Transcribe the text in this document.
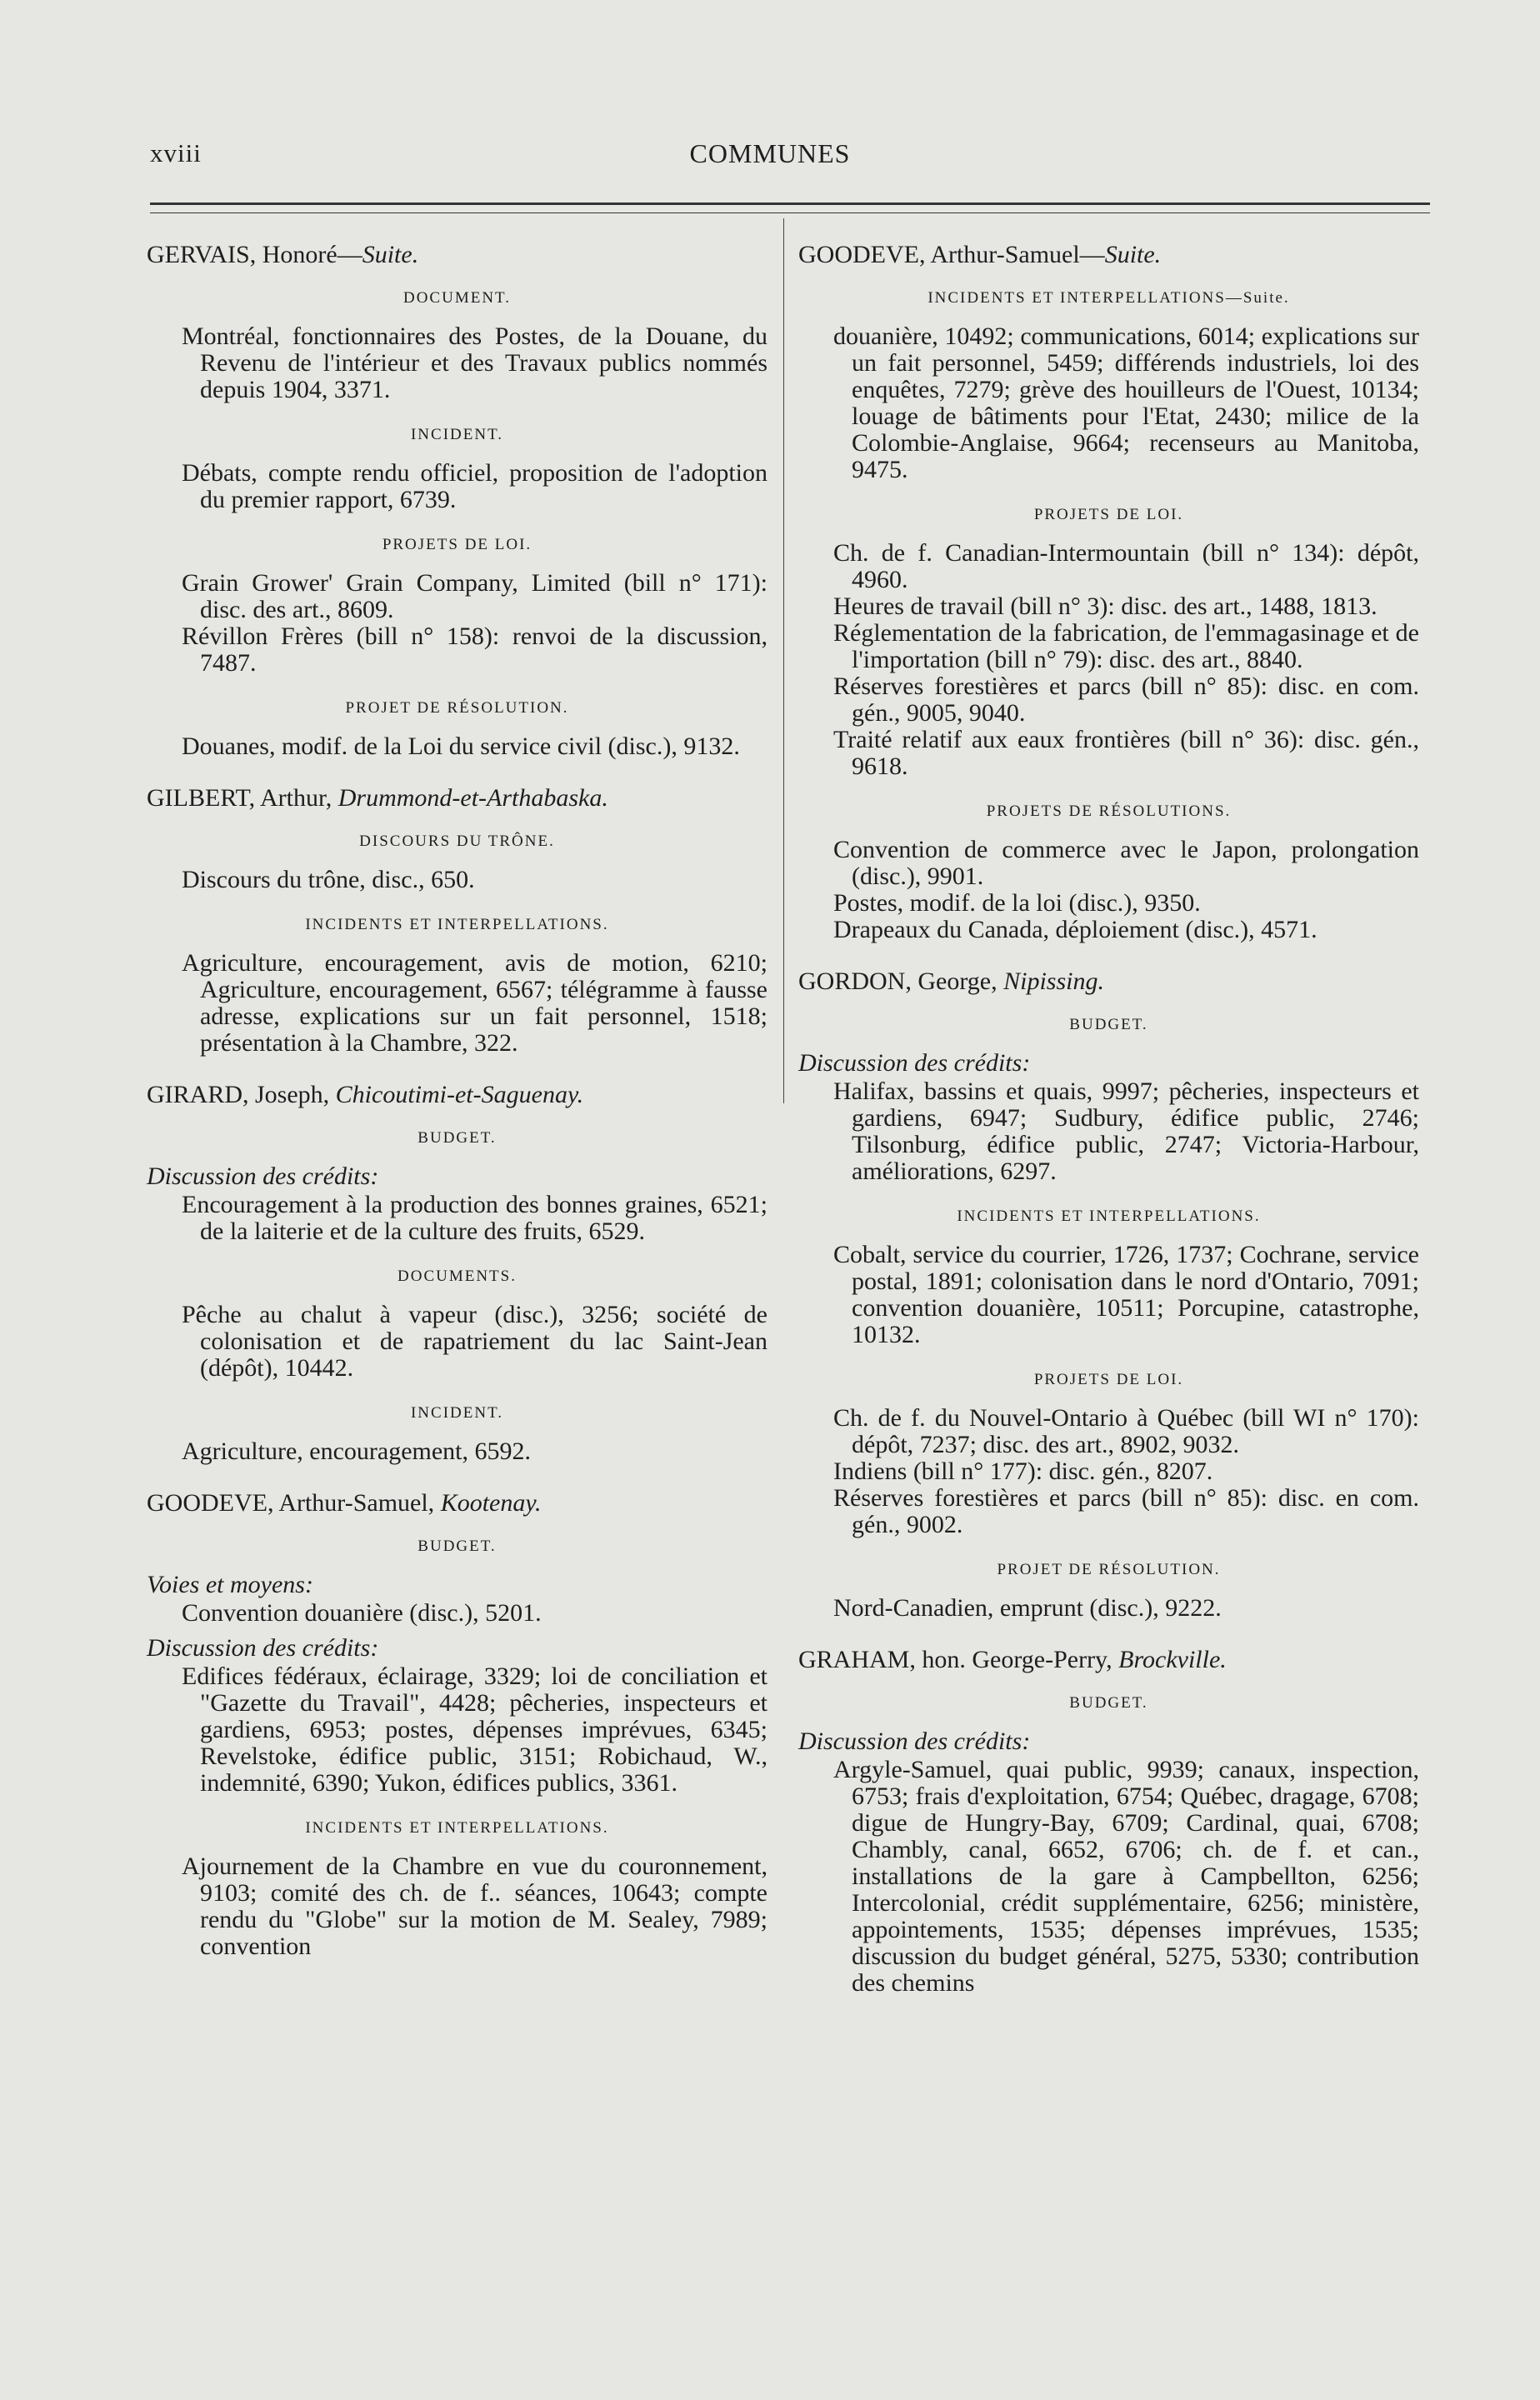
xviii	COMMUNES

GERVAIS, Honoré—Suite.

DOCUMENT.

Montréal, fonctionnaires des Postes, de la Douane, du Revenu de l'intérieur et des Travaux publics nommés depuis 1904, 3371.

INCIDENT.

Débats, compte rendu officiel, proposition de l'adoption du premier rapport, 6739.

PROJETS DE LOI.

Grain Grower' Grain Company, Limited (bill n° 171): disc. des art., 8609.

Révillon Frères (bill n° 158): renvoi de la discussion, 7487.

PROJET DE RÉSOLUTION.

Douanes, modif. de la Loi du service civil (disc.), 9132.

GILBERT, Arthur, Drummond-et-Arthabaska.

DISCOURS DU TRÔNE.

Discours du trône, disc., 650.

INCIDENTS ET INTERPELLATIONS.

Agriculture, encouragement, avis de motion, 6210; Agriculture, encouragement, 6567; télégramme à fausse adresse, explications sur un fait personnel, 1518; présentation à la Chambre, 322.

GIRARD, Joseph, Chicoutimi-et-Saguenay.

BUDGET.

Discussion des crédits:

Encouragement à la production des bonnes graines, 6521; de la laiterie et de la culture des fruits, 6529.

DOCUMENTS.

Pêche au chalut à vapeur (disc.), 3256; société de colonisation et de rapatriement du lac Saint-Jean (dépôt), 10442.

INCIDENT.

Agriculture, encouragement, 6592.

GOODEVE, Arthur-Samuel, Kootenay.

BUDGET.

Voies et moyens:

Convention douanière (disc.), 5201.

Discussion des crédits:

Edifices fédéraux, éclairage, 3329; loi de conciliation et "Gazette du Travail", 4428; pêcheries, inspecteurs et gardiens, 6953; postes, dépenses imprévues, 6345; Revelstoke, édifice public, 3151; Robichaud, W., indemnité, 6390; Yukon, édifices publics, 3361.

INCIDENTS ET INTERPELLATIONS.

Ajournement de la Chambre en vue du couronnement, 9103; comité des ch. de f.. séances, 10643; compte rendu du "Globe" sur la motion de M. Sealey, 7989; convention

GOODEVE, Arthur-Samuel—Suite.

INCIDENTS ET INTERPELLATIONS—Suite.

douanière, 10492; communications, 6014; explications sur un fait personnel, 5459; différends industriels, loi des enquêtes, 7279; grève des houilleurs de l'Ouest, 10134; louage de bâtiments pour l'Etat, 2430; milice de la Colombie-Anglaise, 9664; recenseurs au Manitoba, 9475.

PROJETS DE LOI.

Ch. de f. Canadian-Intermountain (bill n° 134): dépôt, 4960.

Heures de travail (bill n° 3): disc. des art., 1488, 1813.

Réglementation de la fabrication, de l'emmagasinage et de l'importation (bill n° 79): disc. des art., 8840.

Réserves forestières et parcs (bill n° 85): disc. en com. gén., 9005, 9040.

Traité relatif aux eaux frontières (bill n° 36): disc. gén., 9618.

PROJETS DE RÉSOLUTIONS.

Convention de commerce avec le Japon, prolongation (disc.), 9901.

Postes, modif. de la loi (disc.), 9350.

Drapeaux du Canada, déploiement (disc.), 4571.

GORDON, George, Nipissing.

BUDGET.

Discussion des crédits:

Halifax, bassins et quais, 9997; pêcheries, inspecteurs et gardiens, 6947; Sudbury, édifice public, 2746; Tilsonburg, édifice public, 2747; Victoria-Harbour, améliorations, 6297.

INCIDENTS ET INTERPELLATIONS.

Cobalt, service du courrier, 1726, 1737; Cochrane, service postal, 1891; colonisation dans le nord d'Ontario, 7091; convention douanière, 10511; Porcupine, catastrophe, 10132.

PROJETS DE LOI.

Ch. de f. du Nouvel-Ontario à Québec (bill WI n° 170): dépôt, 7237; disc. des art., 8902, 9032.

Indiens (bill n° 177): disc. gén., 8207.

Réserves forestières et parcs (bill n° 85): disc. en com. gén., 9002.

PROJET DE RÉSOLUTION.

Nord-Canadien, emprunt (disc.), 9222.

GRAHAM, hon. George-Perry, Brockville.

BUDGET.

Discussion des crédits:

Argyle-Samuel, quai public, 9939; canaux, inspection, 6753; frais d'exploitation, 6754; Québec, dragage, 6708; digue de Hungry-Bay, 6709; Cardinal, quai, 6708; Chambly, canal, 6652, 6706; ch. de f. et can., installations de la gare à Campbellton, 6256; Intercolonial, crédit supplémentaire, 6256; ministère, appointements, 1535; dépenses imprévues, 1535; discussion du budget général, 5275, 5330; contribution des chemins
